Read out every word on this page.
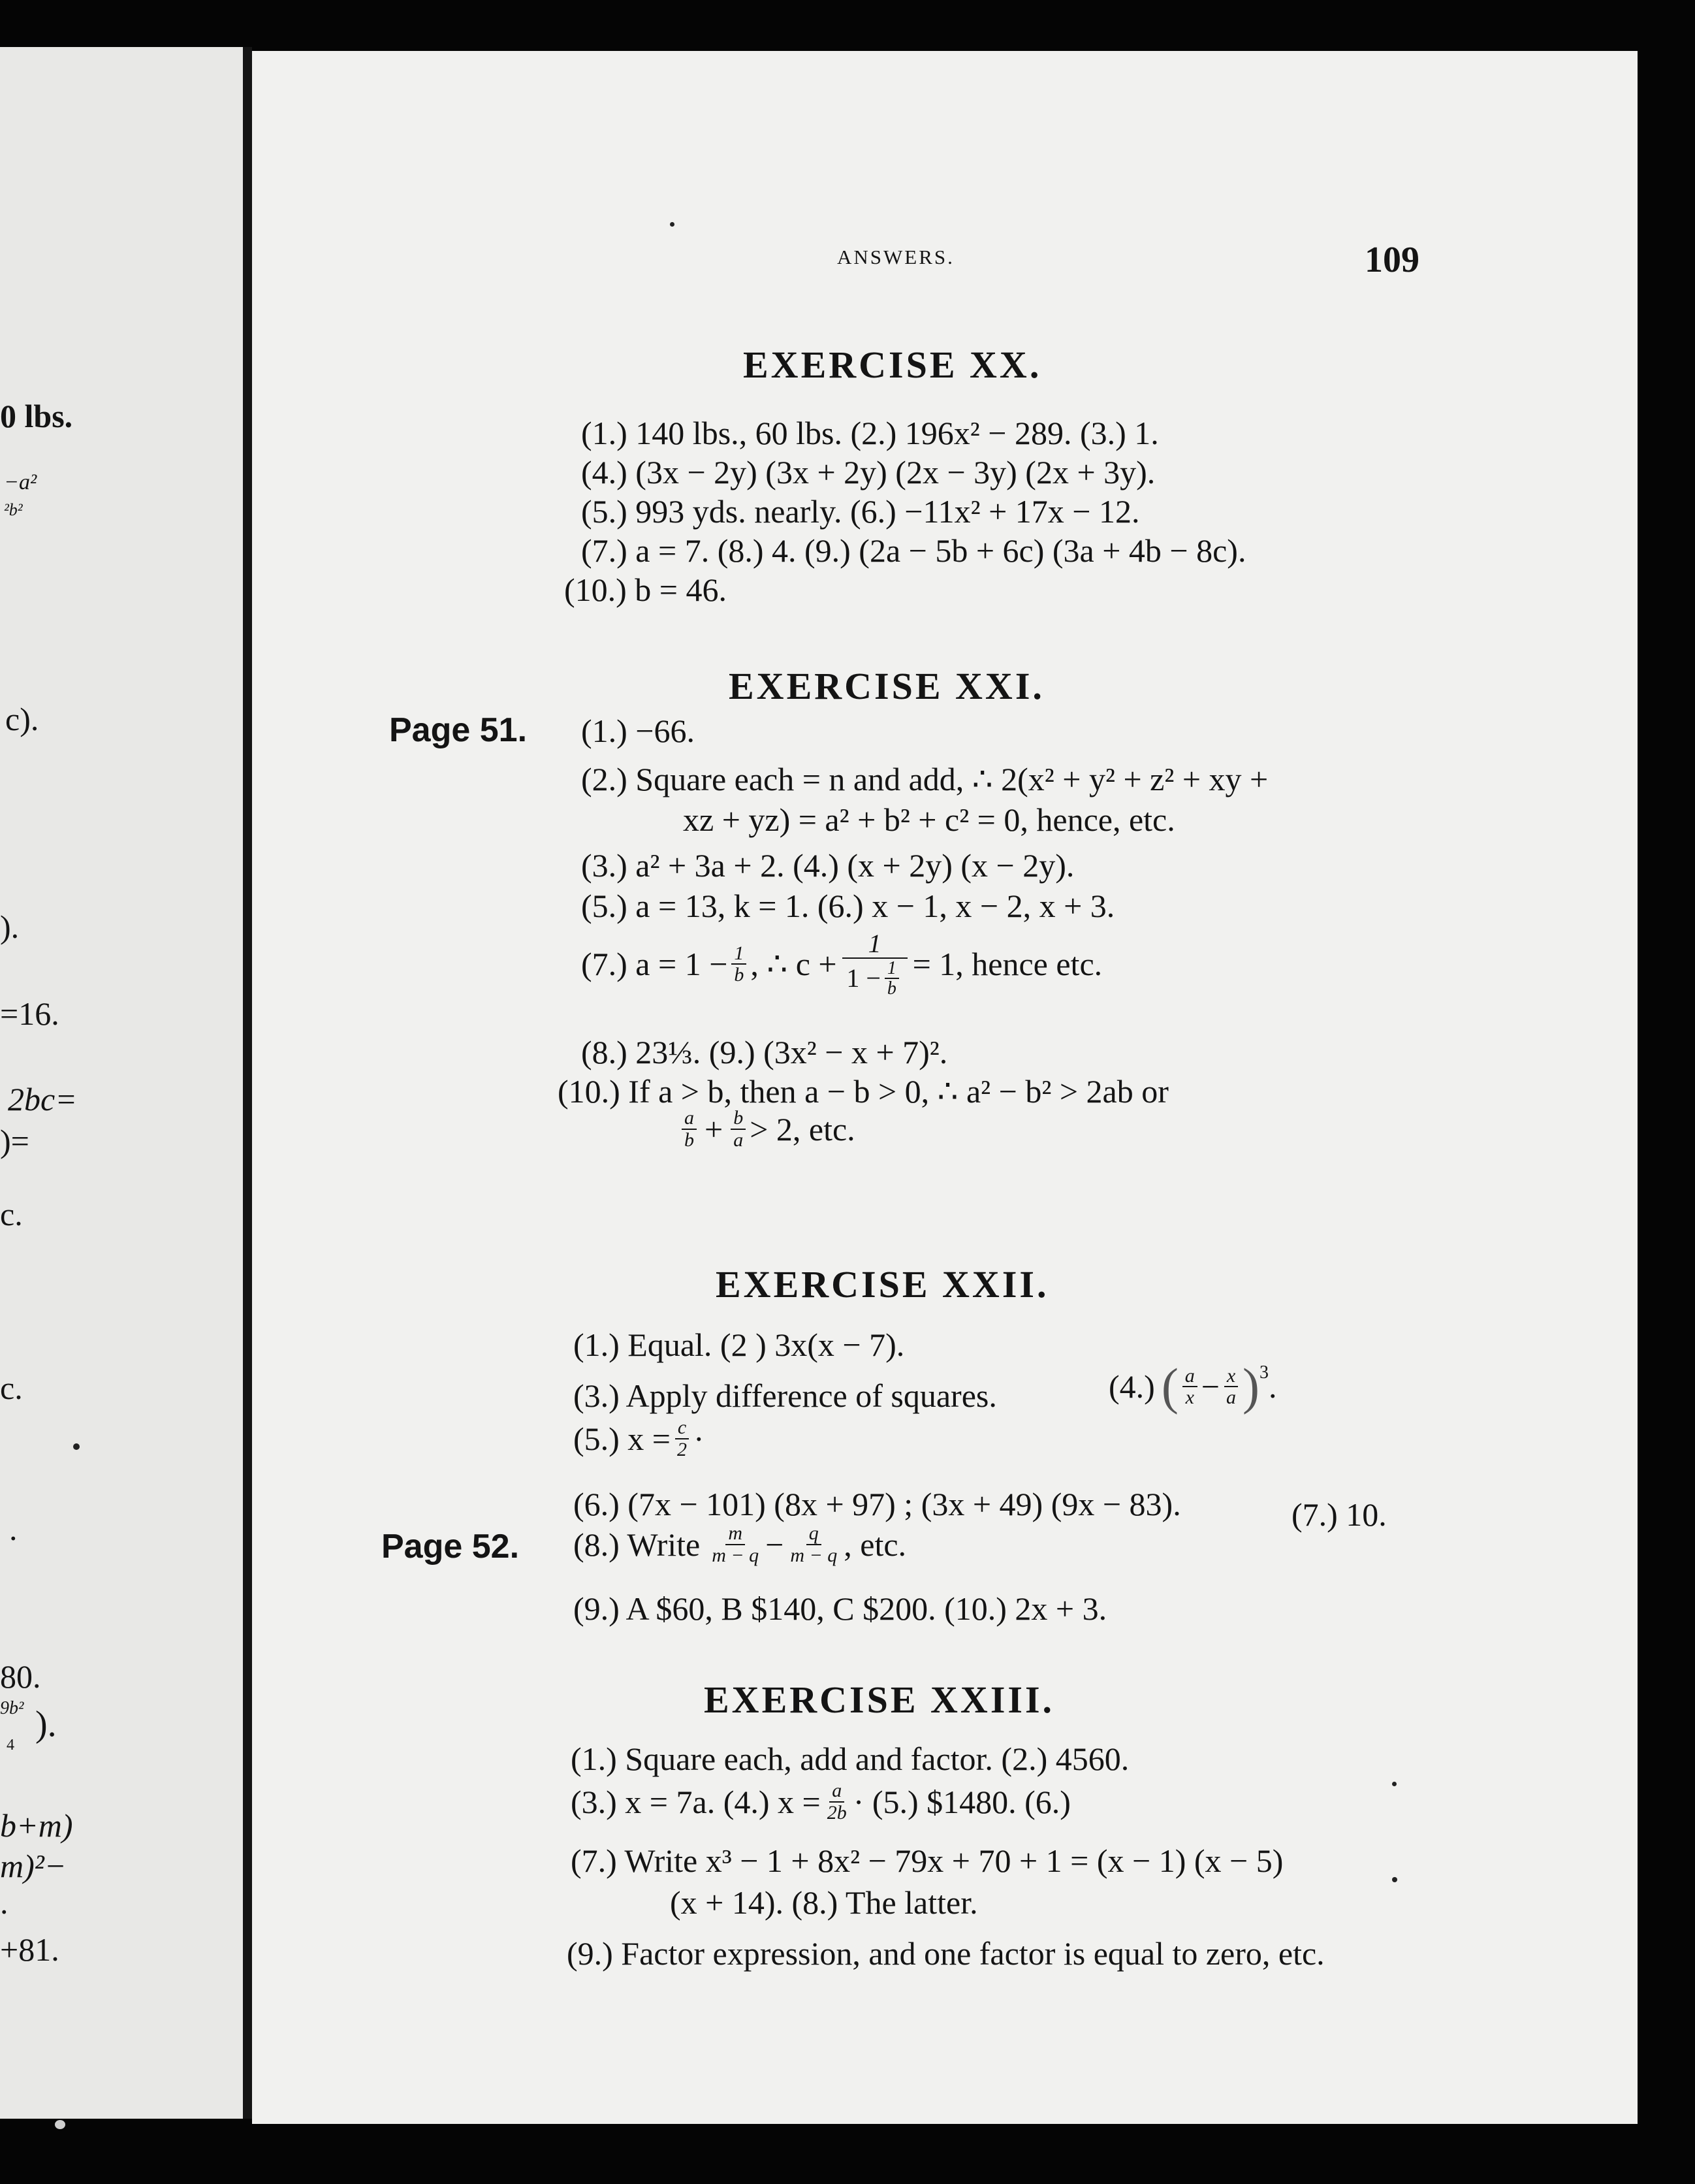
0 lbs.
−a²
²b²
c).
).
=16.
2bc=
)=
c.
c.
.
80.
9b²
4
).
b+m)
m)²−
.
+81.
ANSWERS.	109
EXERCISE XX.
(1.) 140 lbs., 60 lbs. (2.) 196x² − 289. (3.) 1.
(4.) (3x − 2y) (3x + 2y) (2x − 3y) (2x + 3y).
(5.) 993 yds. nearly. (6.) −11x² + 17x − 12.
(7.) a = 7. (8.) 4. (9.) (2a − 5b + 6c) (3a + 4b − 8c).
(10.) b = 46.
EXERCISE XXI.
Page 51. (1.) −66.
(2.) Square each = n and add, ∴ 2(x² + y² + z² + xy +
xz + yz) = a² + b² + c² = 0, hence, etc.
(3.) a² + 3a + 2. (4.) (x + 2y) (x − 2y).
(5.) a = 13, k = 1. (6.) x − 1, x − 2, x + 3.
(7.) $a = 1 - \frac{1}{b}$ , ∴ $c + \frac{1}{1 - \frac{1}{b}} = 1$, hence etc.
(8.) 23⅓. (9.) (3x² − x + 7)².
(10.) If a > b, then a − b > 0, ∴ a² − b² > 2ab or
$\frac{a}{b} + \frac{b}{a} > 2$, etc.
EXERCISE XXII.
(1.) Equal. (2 ) 3x(x − 7).
(3.) Apply difference of squares.	(4.) ( $\frac{a}{x} - \frac{x}{a}$ ) 3 .
(5.) $x = \frac{c}{2}$ ·
(6.) (7x − 101) (8x + 97) ; (3x + 49) (9x − 83).	(7.) 10.
Page 52. (8.) Write $\frac{m}{m - q} - \frac{q}{m - q}$ , etc.
(9.) A $60, B $140, C $200. (10.) 2x + 3.
EXERCISE XXIII.
(1.) Square each, add and factor. (2.) 4560.
(3.) x = 7a. (4.) $x = \frac{a}{2b} \cdot (5.)$ $1480. (6.)
(7.) Write x³ − 1 + 8x² − 79x + 70 + 1 = (x − 1) (x − 5)
(x + 14). (8.) The latter.
(9.) Factor expression, and one factor is equal to zero, etc.
